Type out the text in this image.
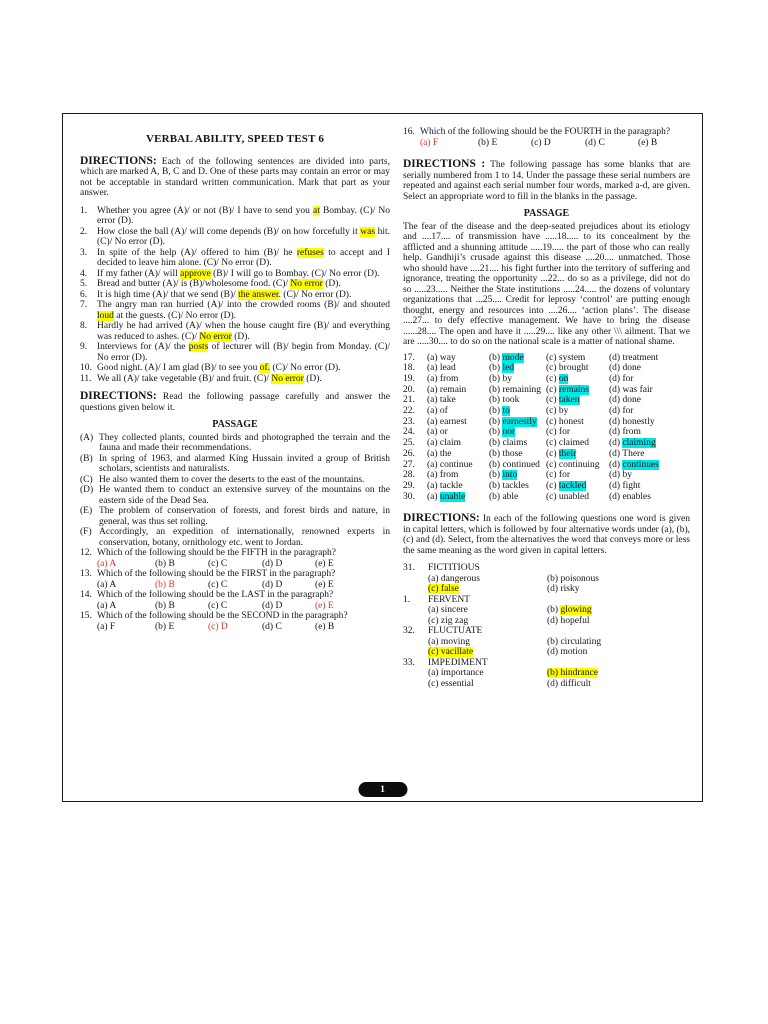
VERBAL ABILITY, SPEED TEST 6

DIRECTIONS: Each of the following sentences are divided into parts, which are marked A, B, C and D. One of these parts may contain an error or may not be acceptable in standard written communication. Mark that part as your answer.

1.	Whether you agree (A)/ or not (B)/ I have to send you at Bombay. (C)/ No error (D).
2.	How close the ball (A)/ will come depends (B)/ on how forcefully it was hit. (C)/ No error (D).
3.	In spite of the help (A)/ offered to him (B)/ he refuses to accept and I decided to leave him alone. (C)/ No error (D).
4.	If my father (A)/ will approve (B)/ I will go to Bombay. (C)/ No error (D).
5.	Bread and butter (A)/ is (B)/wholesome food. (C)/ No error (D).
6.	It is high time (A)/ that we send (B)/ the answer. (C)/ No error (D).
7.	The angry man ran hurried (A)/ into the crowded rooms (B)/ and shouted loud at the guests. (C)/ No error (D).
8.	Hardly he had arrived (A)/ when the house caught fire (B)/ and everything was reduced to ashes. (C)/ No error (D).
9.	Interviews for (A)/ the posts of lecturer will (B)/ begin from Monday. (C)/ No error (D).
10. Good night. (A)/ I am glad (B)/ to see you of. (C)/ No error (D).
11. We all (A)/ take vegetable (B)/ and fruit. (C)/ No error (D).

DIRECTIONS: Read the following passage carefully and answer the questions given below it.

PASSAGE
(A) They collected plants, counted birds and photographed the terrain and the fauna and made their recommendations.
(B) In spring of 1963, and alarmed King Hussain invited a group of British scholars, scientists and naturalists.
(C) He also wanted them to cover the deserts to the east of the mountains.
(D) He wanted them to conduct an extensive survey of the mountains on the eastern side of the Dead Sea.
(E) The problem of conservation of forests, and forest birds and nature, in general, was thus set rolling.
(F) Accordingly, an expedition of internationally, renowned experts in conservation, botany, ornithology etc. went to Jordan.
12. Which of the following should be the FIFTH in the paragraph?
(a) A	(b) B	(c) C	(d) D	(e) E
13. Which of the following should be the FIRST in the paragraph?
(a) A	(b) B	(c) C	(d) D	(e) E
14. Which of the following should be the LAST in the paragraph?
(a) A	(b) B	(c) C	(d) D	(e) E
15. Which of the following should be the SECOND in the paragraph?
(a) F	(b) E	(c) D	(d) C	(e) B
16. Which of the following should be the FOURTH in the paragraph?
(a) F	(b) E	(c) D	(d) C	(e) B

DIRECTIONS : The following passage has some blanks that are serially numbered from 1 to 14. Under the passage these serial numbers are repeated and against each serial number four words, marked a-d, are given. Select an appropriate word to fill in the blanks in the passage.

PASSAGE

The fear of the disease and the deep-seated prejudices about its etiology and ....17.... of transmission have .....18..... to its concealment by the afflicted and a shunning attitude .....19..... the part of those who can really help. Gandhiji’s crusade against this disease ....20.... unmatched. Those who should have ....21.... his fight further into the territory of suffering and ignorance, treating the opportunity ...22... do so as a privilege, did not do so .....23..... Neither the State institutions .....24..... the dozens of voluntary organizations that ...25.... Credit for leprosy ‘control’ are putting enough thought, energy and resources into ....26.... ‘action plans’. The disease ....27... to defy effective management. We have to bring the disease ......28.... The open and have it .....29.... like any other \\\ ailment. That we are .....30.... to do so on the national scale is a matter of national shame.

17.	(a) way	(b) mode	(c) system	(d) treatment
18.	(a) lead	(b) led	(c) brought	(d) done
19.	(a) from	(b) by	(c) on	(d) for
20.	(a) remain	(b) remaining (c) remains	(d) was fair
21.	(a) take	(b) took	(c) taken	(d) done
22.	(a) of	(b) to	(c) by	(d) for
23.	(a) earnest	(b) earnestly (c) honest	(d) honestly
24.	(a) or	(b) nor	(c) for	(d) from
25.	(a) claim	(b) claims	(c) claimed	(d) claiming
26.	(a) the	(b) those	(c) their	(d) There
27.	(a) continue	(b) continued (c) continuing (d) continues
28.	(a) from	(b) into	(c) for	(d) by
29.	(a) tackle	(b) tackles	(c) tackled	(d) fight
30.	(a) unable	(b) able	(c) unabled	(d) enables

DIRECTIONS: In each of the following questions one word is given in capital letters, which is followed by four alternative words under (a), (b), (c) and (d). Select, from the alternatives the word that conveys more or less the same meaning as the word given in capital letters.

31.	FICTITIOUS
(a) dangerous	(b) poisonous
(c) false	(d) risky
1.	FERVENT
(a) sincere	(b) glowing
(c) zig zag	(d) hopeful
32.	FLUCTUATE
(a) moving	(b) circulating
(c) vacillate	(d) motion
33.	IMPEDIMENT
(a) importance	(b) hindrance
(c) essential	(d) difficult
1
